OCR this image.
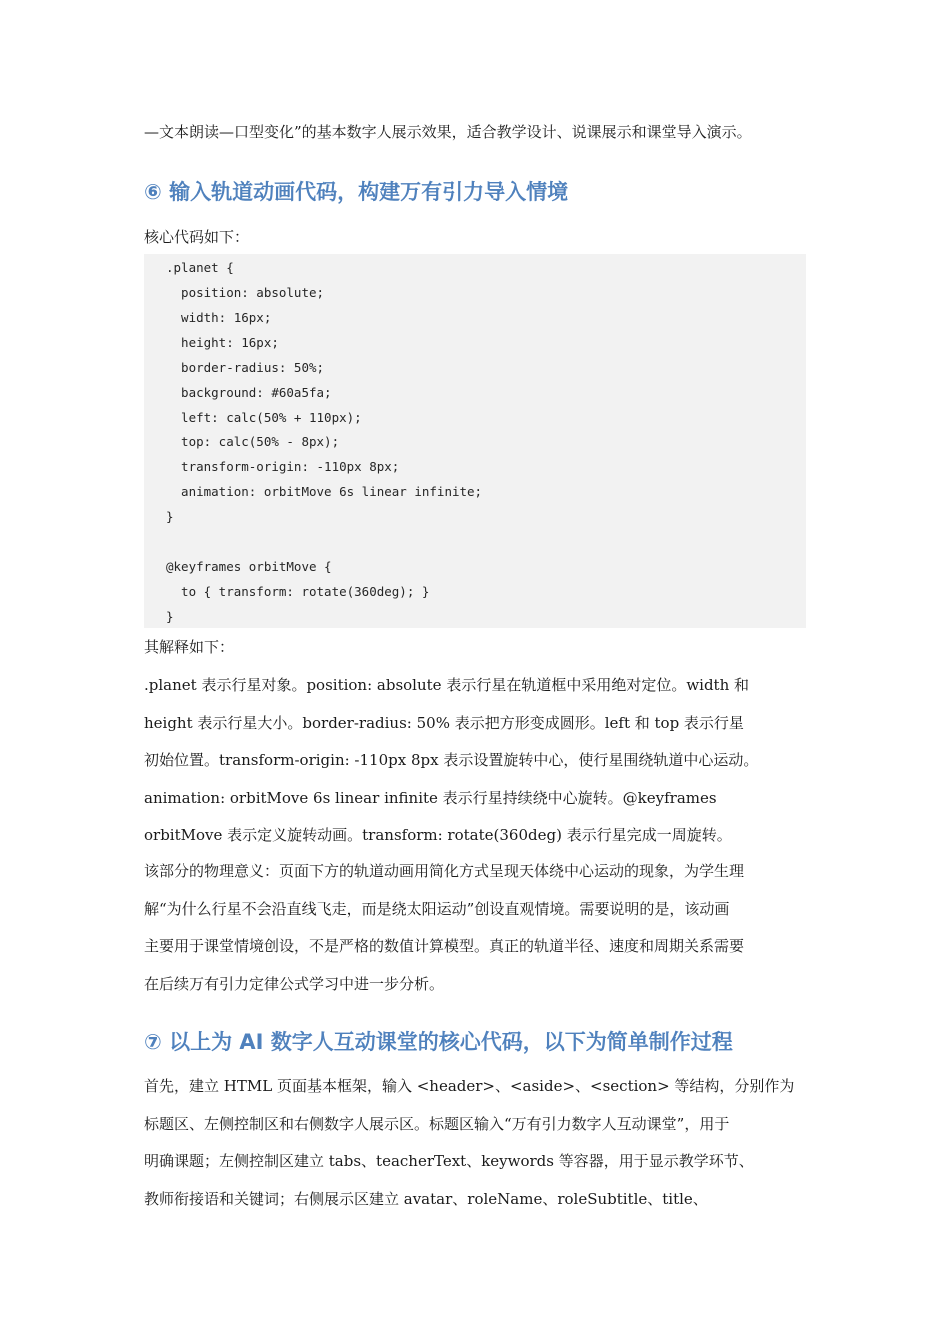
—文本朗读—口型变化”的基本数字人展示效果，适合教学设计、说课展示和课堂导入演示。

⑥ 输入轨道动画代码，构建万有引力导入情境

核心代码如下：

.planet {
position: absolute;
width: 16px;
height: 16px;
border-radius: 50%;
background: #60a5fa;
left: calc(50% + 110px);
top: calc(50% - 8px);
transform-origin: -110px 8px;
animation: orbitMove 6s linear infinite;
}
@keyframes orbitMove {
to { transform: rotate(360deg); }
}

其解释如下：

.planet 表示行星对象。position: absolute 表示行星在轨道框中采用绝对定位。width 和

height 表示行星大小。border-radius: 50% 表示把方形变成圆形。left 和 top 表示行星

初始位置。transform-origin: -110px 8px 表示设置旋转中心，使行星围绕轨道中心运动。

animation: orbitMove 6s linear infinite 表示行星持续绕中心旋转。@keyframes

orbitMove 表示定义旋转动画。transform: rotate(360deg) 表示行星完成一周旋转。

该部分的物理意义：页面下方的轨道动画用简化方式呈现天体绕中心运动的现象，为学生理

解“为什么行星不会沿直线飞走，而是绕太阳运动”创设直观情境。需要说明的是，该动画

主要用于课堂情境创设，不是严格的数值计算模型。真正的轨道半径、速度和周期关系需要

在后续万有引力定律公式学习中进一步分析。

⑦ 以上为 AI 数字人互动课堂的核心代码，以下为简单制作过程

首先，建立 HTML 页面基本框架，输入 <header>、<aside>、<section> 等结构，分别作为

标题区、左侧控制区和右侧数字人展示区。标题区输入“万有引力数字人互动课堂”，用于

明确课题；左侧控制区建立 tabs、teacherText、keywords 等容器，用于显示教学环节、

教师衔接语和关键词；右侧展示区建立 avatar、roleName、roleSubtitle、title、
